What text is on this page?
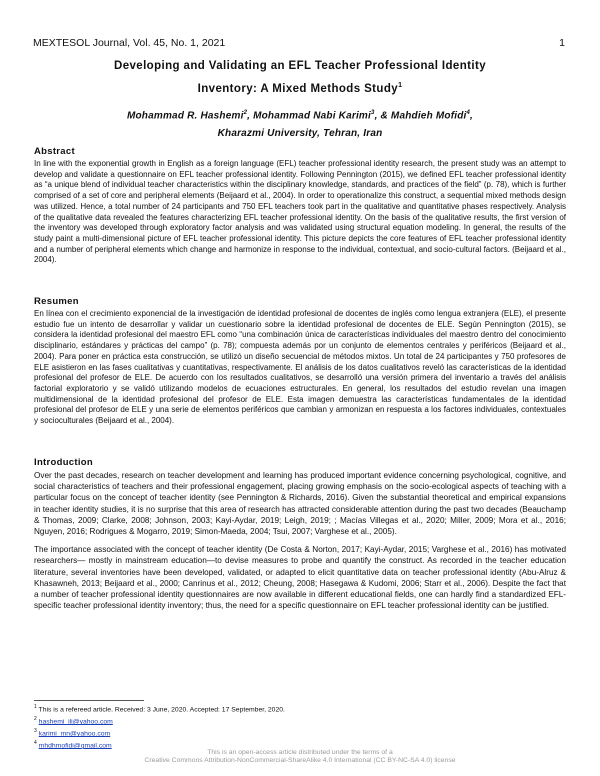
MEXTESOL Journal, Vol. 45, No. 1, 2021	1
Developing and Validating an EFL Teacher Professional Identity
Inventory: A Mixed Methods Study$^1$
Mohammad R. Hashemi$^2$, Mohammad Nabi Karimi$^3$, & Mahdieh Mofidi$^4$,
Kharazmi University, Tehran, Iran
Abstract
In line with the exponential growth in English as a foreign language (EFL) teacher professional identity research, the present study was an attempt to develop and validate a questionnaire on EFL teacher professional identity. Following Pennington (2015), we defined EFL teacher professional identity as “a unique blend of individual teacher characteristics within the disciplinary knowledge, standards, and practices of the field” (p. 78), which is further comprised of a set of core and peripheral elements (Beijaard et al., 2004). In order to operationalize this construct, a sequential mixed methods design was utilized. Hence, a total number of 24 participants and 750 EFL teachers took part in the qualitative and quantitative phases respectively. Analysis of the qualitative data revealed the features characterizing EFL teacher professional identity. On the basis of the qualitative results, the first version of the inventory was developed through exploratory factor analysis and was validated using structural equation modeling. In general, the results of the study paint a multi-dimensional picture of EFL teacher professional identity. This picture depicts the core features of EFL teacher professional identity and a number of peripheral elements which change and harmonize in response to the individual, contextual, and socio-cultural factors. (Beijaard et al., 2004).
Resumen
En línea con el crecimiento exponencial de la investigación de identidad profesional de docentes de inglés como lengua extranjera (ELE), el presente estudio fue un intento de desarrollar y validar un cuestionario sobre la identidad profesional de docentes de ELE. Según Pennington (2015), se considera la identidad profesional del maestro EFL como “una combinación única de características individuales del maestro dentro del conocimiento disciplinario, estándares y prácticas del campo” (p. 78); compuesta además por un conjunto de elementos centrales y periféricos (Beijaard et al., 2004). Para poner en práctica esta construcción, se utilizó un diseño secuencial de métodos mixtos. Un total de 24 participantes y 750 profesores de ELE asistieron en las fases cualitativas y cuantitativas, respectivamente. El análisis de los datos cualitativos reveló las características de la identidad profesional del profesor de ELE. De acuerdo con los resultados cualitativos, se desarrolló una versión primera del inventario a través del análisis factorial exploratorio y se validó utilizando modelos de ecuaciones estructurales. En general, los resultados del estudio revelan una imagen multidimensional de la identidad profesional del profesor de ELE. Esta imagen demuestra las características fundamentales de la identidad profesional del profesor de ELE y una serie de elementos periféricos que cambian y armonizan en respuesta a los factores individuales, contextuales y socioculturales (Beijaard et al., 2004).
Introduction
Over the past decades, research on teacher development and learning has produced important evidence concerning psychological, cognitive, and social characteristics of teachers and their professional engagement, placing growing emphasis on the socio-ecological aspects of teaching with a particular focus on the concept of teacher identity (see Pennington & Richards, 2016). Given the substantial theoretical and empirical expansions in teacher identity studies, it is no surprise that this area of research has attracted considerable attention during the past two decades (Beauchamp & Thomas, 2009; Clarke, 2008; Johnson, 2003; Kayi-Aydar, 2019; Leigh, 2019; ; Macías Villegas et al., 2020; Miller, 2009; Mora et al., 2016; Nguyen, 2016; Rodrigues & Mogarro, 2019; Simon-Maeda, 2004; Tsui, 2007; Varghese et al., 2005).
The importance associated with the concept of teacher identity (De Costa & Norton, 2017; Kayi-Aydar, 2015; Varghese et al., 2016) has motivated researchers— mostly in mainstream education—to devise measures to probe and quantify the construct. As recorded in the teacher education literature, several inventories have been developed, validated, or adapted to elicit quantitative data on teacher professional identity (Abu-Alruz & Khasawneh, 2013; Beijaard et al., 2000; Canrinus et al., 2012; Cheung, 2008; Hasegawa & Kudomi, 2006; Starr et al., 2006). Despite the fact that a number of teacher professional identity questionnaires are now available in different educational fields, one can hardly find a standardized EFL-specific teacher professional identity inventory; thus, the need for a specific questionnaire on EFL teacher professional identity can be justified.
$^1$ This is a refereed article. Received: 3 June, 2020. Accepted: 17 September, 2020.
$^2$ hashemi_ili@yahoo.com
$^3$ karimi_mn@yahoo.com
$^4$ mhdhmofidi@gmail.com
This is an open-access article distributed under the terms of a
Creative Commons Attribution-NonCommercial-ShareAlike 4.0 International (CC BY-NC-SA 4.0) license
